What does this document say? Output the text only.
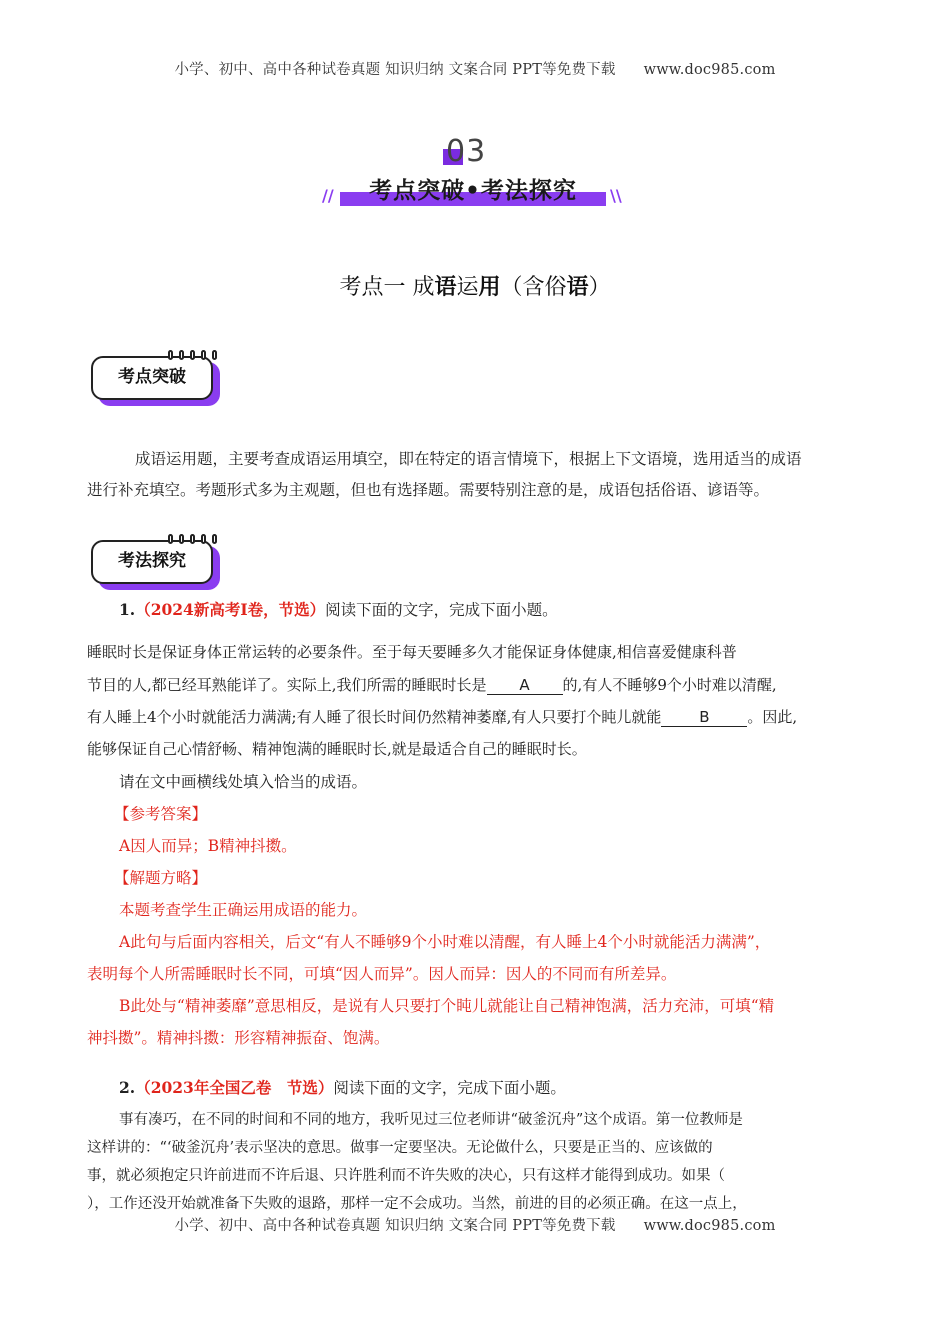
小学、初中、高中各种试卷真题 知识归纳 文案合同 PPT等免费下载 www.doc985.com
03
考点突破•考法探究
//	\\
考点一 成语运用（含俗语）
考点突破
成语运用题，主要考查成语运用填空，即在特定的语言情境下，根据上下文语境，选用适当的成语
进行补充填空。考题形式多为主观题，但也有选择题。需要特别注意的是，成语包括俗语、谚语等。
考法探究
1.（2024新高考Ⅰ卷，节选）阅读下面的文字，完成下面小题。
睡眠时长是保证身体正常运转的必要条件。至于每天要睡多久才能保证身体健康,相信喜爱健康科普
节目的人,都已经耳熟能详了。实际上,我们所需的睡眠时长是 A 的,有人不睡够9个小时难以清醒,
有人睡上4个小时就能活力满满;有人睡了很长时间仍然精神萎靡,有人只要打个盹儿就能	B	。因此,
能够保证自己心情舒畅、精神饱满的睡眠时长,就是最适合自己的睡眠时长。
请在文中画横线处填入恰当的成语。
【参考答案】
A因人而异；B精神抖擞。
【解题方略】
本题考查学生正确运用成语的能力。
A此句与后面内容相关，后文“有人不睡够9个小时难以清醒，有人睡上4个小时就能活力满满”，
表明每个人所需睡眠时长不同，可填“因人而异”。因人而异：因人的不同而有所差异。
B此处与“精神萎靡”意思相反，是说有人只要打个盹儿就能让自己精神饱满，活力充沛，可填“精
神抖擞”。精神抖擞：形容精神振奋、饱满。
2.（2023年全国乙卷　节选）阅读下面的文字，完成下面小题。
事有凑巧，在不同的时间和不同的地方，我听见过三位老师讲“破釜沉舟”这个成语。第一位教师是
这样讲的：“‘破釜沉舟’表示坚决的意思。做事一定要坚决。无论做什么，只要是正当的、应该做的
事，就必须抱定只许前进而不许后退、只许胜利而不许失败的决心，只有这样才能得到成功。如果（
），工作还没开始就准备下失败的退路，那样一定不会成功。当然，前进的目的必须正确。在这一点上，
小学、初中、高中各种试卷真题 知识归纳 文案合同 PPT等免费下载 www.doc985.com
